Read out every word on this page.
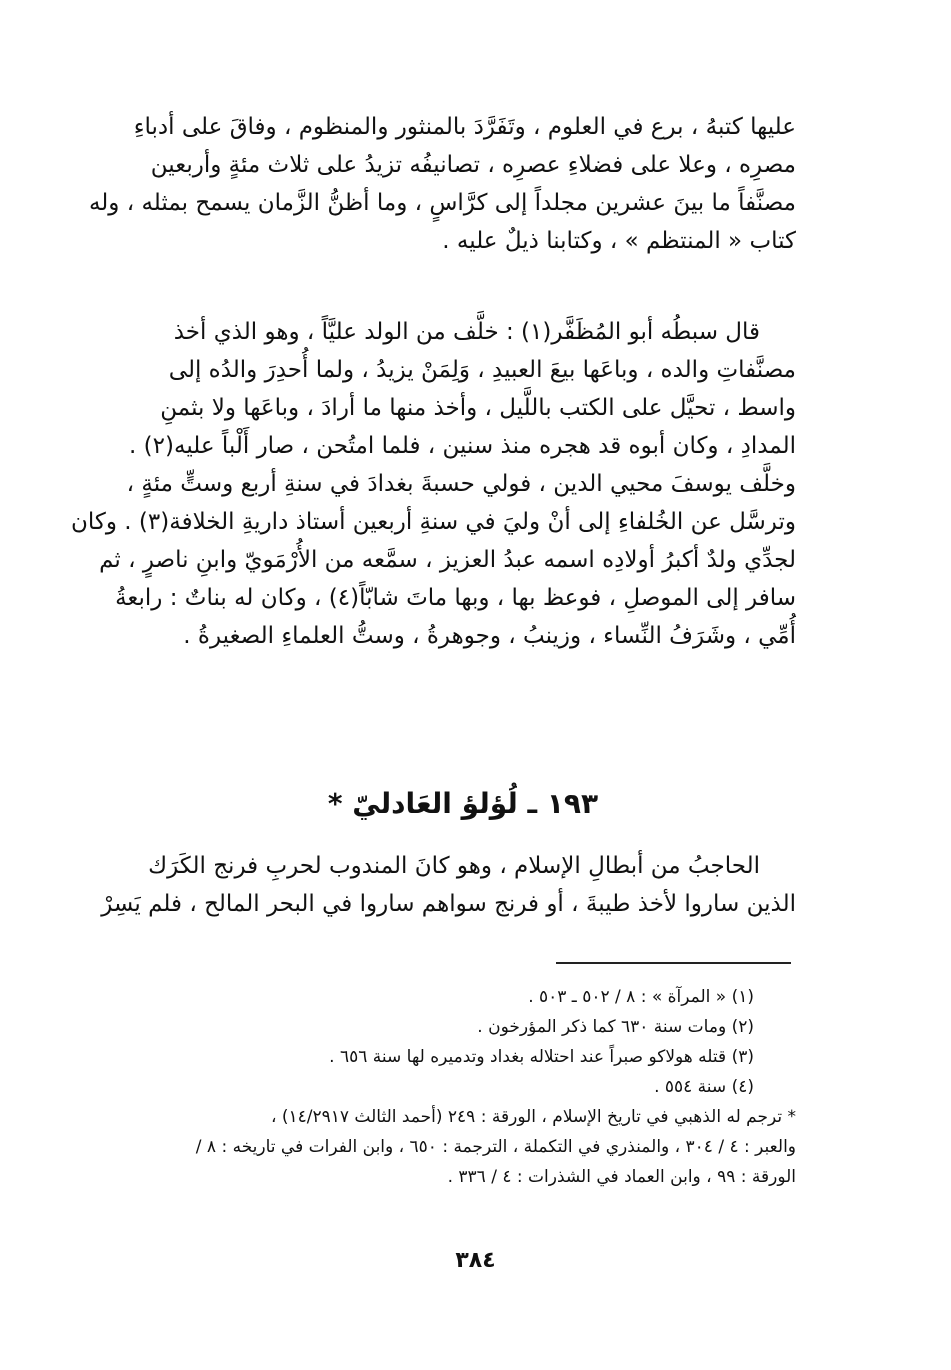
عليها كتبهُ ، برع في العلوم ، وتَفَرَّدَ بالمنثور والمنظوم ، وفاقَ على أدباءِ
مصرِه ، وعلا على فضلاءِ عصرِه ، تصانيفُه تزيدُ على ثلاث مئةٍ وأربعين
مصنَّفاً ما بينَ عشرين مجلداً إلى كرَّاسٍ ، وما أظنُّ الزَّمان يسمح بمثله ، وله
كتاب « المنتظم » ، وكتابنا ذيلٌ عليه .
قال سبطُه أبو المُظَفَّر(١) : خلَّف من الولد عليَّاً ، وهو الذي أخذ
مصنَّفاتِ والده ، وباعَها بيعَ العبيدِ ، وَلِمَنْ يزيدُ ، ولما أُحدِرَ والدُه إلى
واسط ، تحيَّل على الكتب باللَّيل ، وأخذ منها ما أرادَ ، وباعَها ولا بثمنِ
المدادِ ، وكان أبوه قد هجره منذ سنين ، فلما امتُحن ، صار أَلْباً عليه(٢) .
وخلَّف يوسفَ محيي الدين ، فولي حسبةَ بغدادَ في سنةِ أربع وستٍّ مئةٍ ،
وترسَّل عن الخُلفاءِ إلى أنْ وليَ في سنةِ أربعين أستاذ داريةِ الخلافة(٣) . وكان
لجدِّي ولدٌ أكبرُ أولادِه اسمه عبدُ العزيز ، سمَّعه من الأُرْمَويّ وابنِ ناصرٍ ، ثم
سافر إلى الموصلِ ، فوعظ بها ، وبها ماتَ شابّاً(٤) ، وكان له بناتٌ : رابعةُ
أُمِّي ، وشَرَفُ النِّساء ، وزينبُ ، وجوهرةُ ، وستُّ العلماءِ الصغيرةُ .
١٩٣ ـ لُؤلؤ العَادليّ *
الحاجبُ من أبطالِ الإسلام ، وهو كانَ المندوب لحربِ فرنج الكَرَك
الذين ساروا لأخذ طيبةَ ، أو فرنج سواهم ساروا في البحر المالح ، فلم يَسِرْ
(١) « المرآة » : ٨ / ٥٠٢ ـ ٥٠٣ .
(٢) ومات سنة ٦٣٠ كما ذكر المؤرخون .
(٣) قتله هولاكو صبراً عند احتلاله بغداد وتدميره لها سنة ٦٥٦ .
(٤) سنة ٥٥٤ .
* ترجم له الذهبي في تاريخ الإسلام ، الورقة : ٢٤٩ (أحمد الثالث ١٤/٢٩١٧) ،
والعبر : ٤ / ٣٠٤ ، والمنذري في التكملة ، الترجمة : ٦٥٠ ، وابن الفرات في تاريخه : ٨ /
الورقة : ٩٩ ، وابن العماد في الشذرات : ٤ / ٣٣٦ .
٣٨٤
